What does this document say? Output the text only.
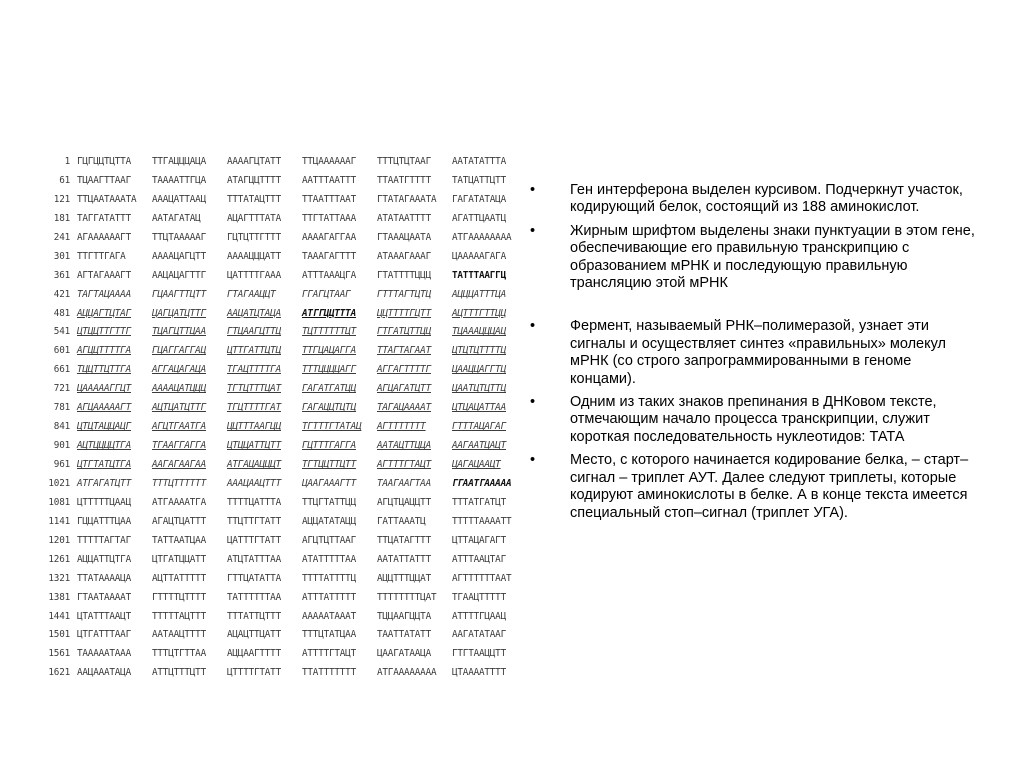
1 ГЦГЦЦТЦТТА	ТТГАЦЦЦАЦА	ААААГЦТАТТ	ТТЦАААААAГ	ТТТЦТЦТААГ	ААТАТАТТТА
61 ТЦААГТТААГ	ТААААТТГЦА	АТАГЦЦТТТТ	ААТТТААТТТ	ТТААТГТТТТ	ТАТЦАТТЦТТ
121 ТТЦААТАААТА	АААЦАТТААЦ	ТТТАТАЦТТТ	ТТААТТТААТ	ГТАТАГАААТА	ГАГАТАТАЦА
181 ТАГГАТАТТТ	ААТАГАТАЦ	АЦАГТТТАТА	ТТГТАТТААА	АТАТААТТТТ	АГАТТЦААТЦ
241 АГААААААГТ	ТТЦТАААААГ	ГЦТЦТТГТТТ	АААAГАГГАА	ГТАААЦААТА	АТГАААААААА
301 ТТГТТГАГА	ААААЦАГЦТТ	ААААЦЦЦАТТ	ТААAГАГТТТ	АТАААГАААГ	ЦААААAГАГА
361 АГТАГАААГТ	ААЦАЦАГТТГ	ЦАТТТТГААА	АТТТАААЦГА	ГТАТТТТЦЦЦ	ТАТТТААГГЦ
421 ТАГТАЦАААА	ГЦААГТТЦТТ	ГТАГААЦЦТ	ГГАГЦТААГ	ГТТТАГТЦТЦ	АЦЦЦАТТТЦА
481 АЦЦАГТЦТАГ	ЦАГЦАТЦТТГ	ААЦАТЦТАЦА	АТГГЦЦТТТА	ЦЦТТТТГЦТТ	АЦТТТГТТЦЦ
541 ЦТЦЦТТГТТГ	ТЦАГЦТТЦАА	ГТЦААГЦТТЦ	ТЦТТТТТТЦТ	ГТГАТЦТТЦЦ	ТЦАААЦЦЦАЦ
601 АГЦЦТТТТГА	ГЦАГГАГГАЦ	ЦТТГАТТЦТЦ	ТТГЦАЦАГГА	ТТАГТАГААТ	ЦТЦТЦТТТТЦ
661 ТЦЦТТЦТТГА	АГГАЦАГАЦА	ТГАЦТТТТГА	ТТТЦЦЦЦАГГ	АГГАГТТТТГ	ЦААЦЦАГГТЦ
721 ЦАААААГГЦТ	ААААЦАТЦЦЦ	ТГТЦТТТЦАТ	ГАГАТГАТЦЦ	АГЦАГАТЦТТ	ЦААТЦТЦТТЦ
781 АГЦАААААГТ	АЦТЦАТЦТТГ	ТГЦТТТТГАТ	ГАГАЦЦТЦТЦ	ТАГАЦААААТ	ЦТЦАЦАТТАА
841 ЦТЦТАЦЦАЦГ	АГЦТГААТГА	ЦЦТТТААГЦЦ	ТГТТТГТАТАЦ	АГТТТТТТТ	ГТТТАЦАГАГ
901 АЦТЦЦЦЦТГА	ТГААГГАГГА	ЦТЦЦАТТЦТТ	ГЦТТТГАГГА	ААТАЦТТЦЦА	ААГААТЦАЦТ
961 ЦТГТАТЦТГА	ААГАГААГАА	АТГАЦАЦЦЦТ	ТГТЦЦТТЦТТ	АГТТТГТАЦТ	ЦАГАЦААЦТ
1021 АТГАГАТЦТТ	ТТТЦТТТТТТ	АААЦААЦТТТ	ЦАAГАААГТТ	ТААГААГТАА	ГГААТГААААА
1081 ЦТТТТТЦААЦ	АТГААААТГА	ТТТТЦАТТТА	ТТЦГТАТТЦЦ	АГЦТЦАЦЦТТ	ТТТАТГАТЦТ
1141 ГЦЦАТТТЦАА	АГАЦТЦАТТТ	ТТЦТТГТАТТ	АЦЦАТАТАЦЦ	ГАТТАААТЦ	ТТТТТААААТТ
1201 ТТТТТАГТАГ	ТАТТААТЦАА	ЦАТТТГТАТТ	АГЦТЦТТААГ	ТТЦАТАГТТТ	ЦТТАЦАГАГТ
1261 АЦЦАТТЦТГА	ЦТГАТЦЦАТТ	АТЦТАТТТАА	АТАТТТТТАА	ААТАТТАТТТ	АТТТААЦТАГ
1321 ТТАТААААЦА	АЦТТАТТТТТ	ГТТЦАТАТТА	ТТТТАТТТТЦ	АЦЦТТТЦЦАТ	АГТТТТТТААТ
1381 ГТААТААААТ	ГТТТТЦТТТТ	ТАТТТТТТАА	АТТТАТТТТТ	ТТТТТТТТЦАТ	ТГААЦТТТТТ
1441 ЦТАТТТААЦТ	ТТТТТАЦТТТ	ТТТАТТЦТТТ	АААААТАААТ	ТЦЦААГЦЦТА	АТТТТГЦААЦ
1501 ЦТГАТТТААГ	ААТААЦТТТТ	АЦАЦТТЦАТТ	ТТТЦТАТЦАА	ТААТТАТАТТ	ААГАТАТААГ
1561 ТАААААТААА	ТТТЦТГТТАА	АЦЦААГТТТТ	АТТТТГТАЦТ	ЦААГАТААЦА	ГТГТААЦЦТТ
1621 АAЦАААТАЦА	АТТЦТТТЦТТ	ЦТТТТГТАТТ	ТТАТТТТТТТ	АТГАААААААА	ЦТААААТТТТ
•	Ген интерферона выделен курсивом. Подчеркнут участок, кодирующий белок, состоящий из 188 аминокислот.
•	Жирным шрифтом выделены знаки пунктуации в этом гене, обеспечивающие его правильную транскрипцию с образованием мРНК и последующую правильную трансляцию этой мРНК
•	Фермент, называемый РНК–полимеразой, узнает эти сигналы и осуществляет синтез «правильных» молекул мРНК (со строго запрограммированными в геноме концами).
•	Одним из таких знаков препинания в ДНКовом тексте, отмечающим начало процесса транскрипции, служит короткая последовательность нуклеотидов: ТАТА
•	Место, с которого начинается кодирование белка, – старт–сигнал – триплет АУТ. Далее следуют триплеты, которые кодируют аминокислоты в белке. А в конце текста имеется специальный стоп–сигнал (триплет УГА).
